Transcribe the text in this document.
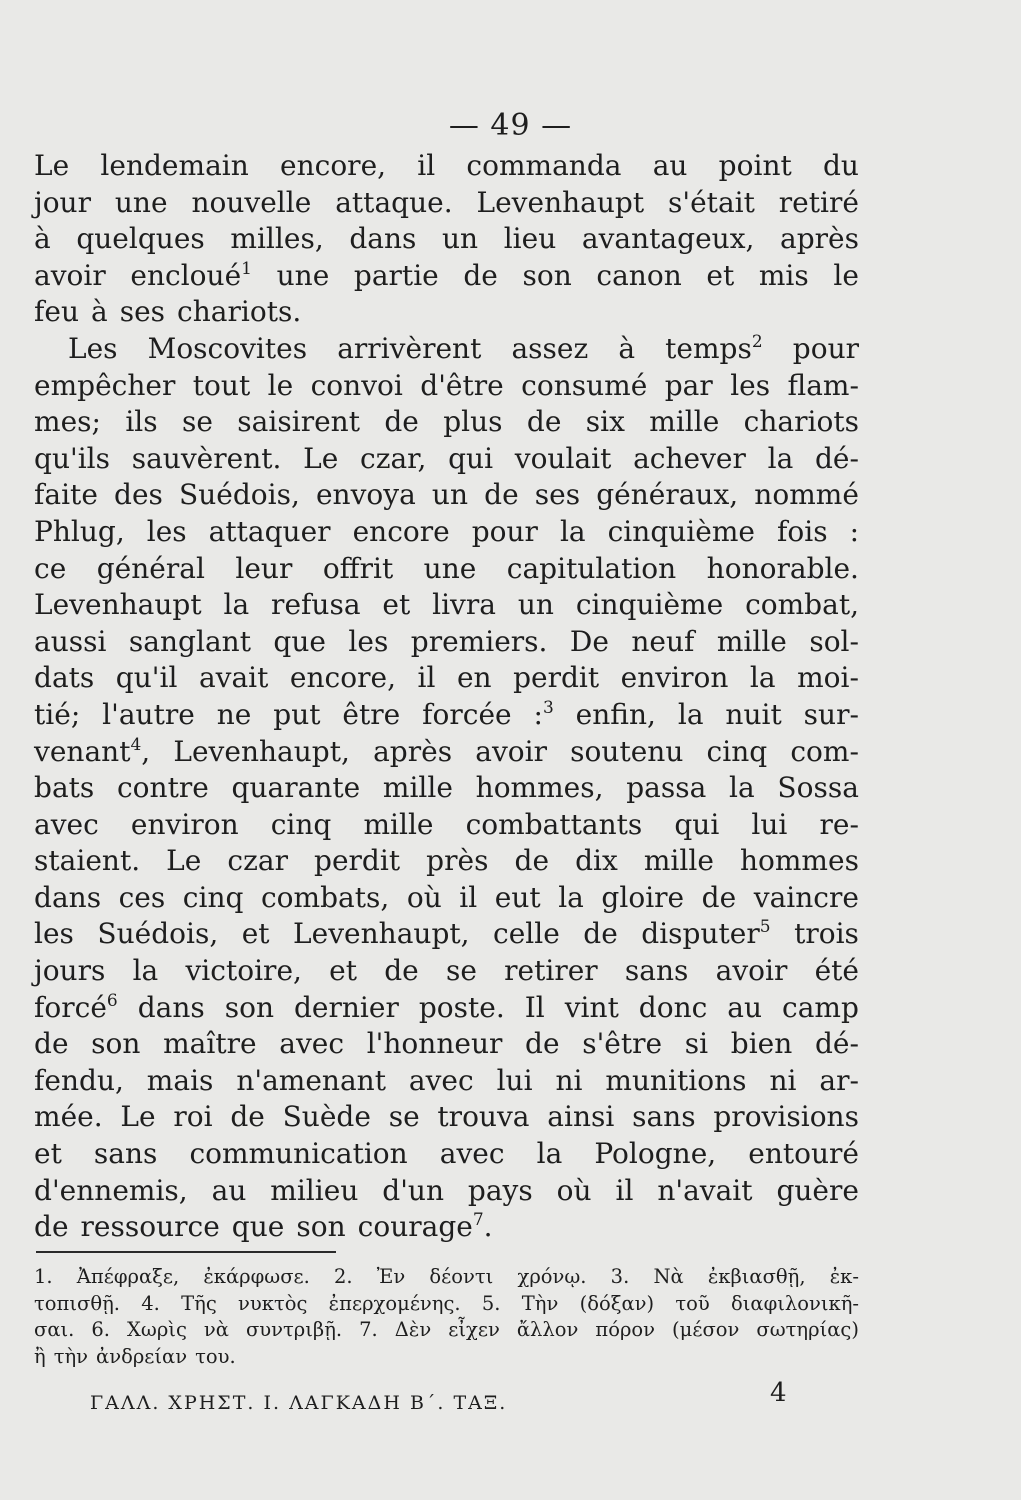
— 49 —
Le lendemain encore, il commanda au point du
jour une nouvelle attaque. Levenhaupt s'était retiré
à quelques milles, dans un lieu avantageux, après
avoir encloué$^1$ une partie de son canon et mis le
feu à ses chariots.
Les Moscovites arrivèrent assez à temps$^2$ pour
empêcher tout le convoi d'être consumé par les fam-
mes; ils se saisirent de plus de six mille chariots
qu'ils sauvèrent. Le czar, qui voulait achever la dé-
faite des Suédois, envoya un de ses généraux, nommé
Phlug, les attaquer encore pour la cinquième fois :
ce général leur ofrit une capitulation honorable.
Levenhaupt la refusa et livra un cinquième combat,
aussi sanglant que les premiers. De neuf mille sol-
dats qu'il avait encore, il en perdit environ la moi-
tié; l'autre ne put être forcée :$^3$ enfn, la nuit sur-
venant$^4$, Levenhaupt, après avoir soutenu cinq com-
bats contre quarante mille hommes, passa la Sossa
avec environ cinq mille combattants qui lui re-
staient. Le czar perdit près de dix mille hommes
dans ces cinq combats, où il eut la gloire de vaincre
les Suédois, et Levenhaupt, celle de disputer$^5$ trois
jours la victoire, et de se retirer sans avoir été
forcé$^6$ dans son dernier poste. Il vint donc au camp
de son maître avec l'honneur de s'être si bien dé-
fendu, mais n'amenant avec lui ni munitions ni ar-
mée. Le roi de Suède se trouva ainsi sans provisions
et sans communication avec la Pologne, entouré
d'ennemis, au milieu d'un pays où il n'avait guère
de ressource que son courage$^7$.
1. Ἀπέφραξε, ἐκάρφωσε. 2. Ἐν δέοντι χρόνῳ. 3. Νὰ ἐκβιασθῇ, ἐκ-
τοπισθῇ. 4. Τῆς νυκτὸς ἐπερχομένης. 5. Τὴν (δόξαν) τοῦ διαφιλονικῆ-
σαι. 6. Χωρὶς νὰ συντριβῇ. 7. Δὲν εἶχεν ἄλλον πόρον (μέσον σωτηρίας)
ἢ τὴν ἀνδρείαν του.
ΓΑΛΛ. ΧΡΗΣΤ. Ι. ΛΑΓΚΑΔΗ Β΄. ΤΑΞ.	4
